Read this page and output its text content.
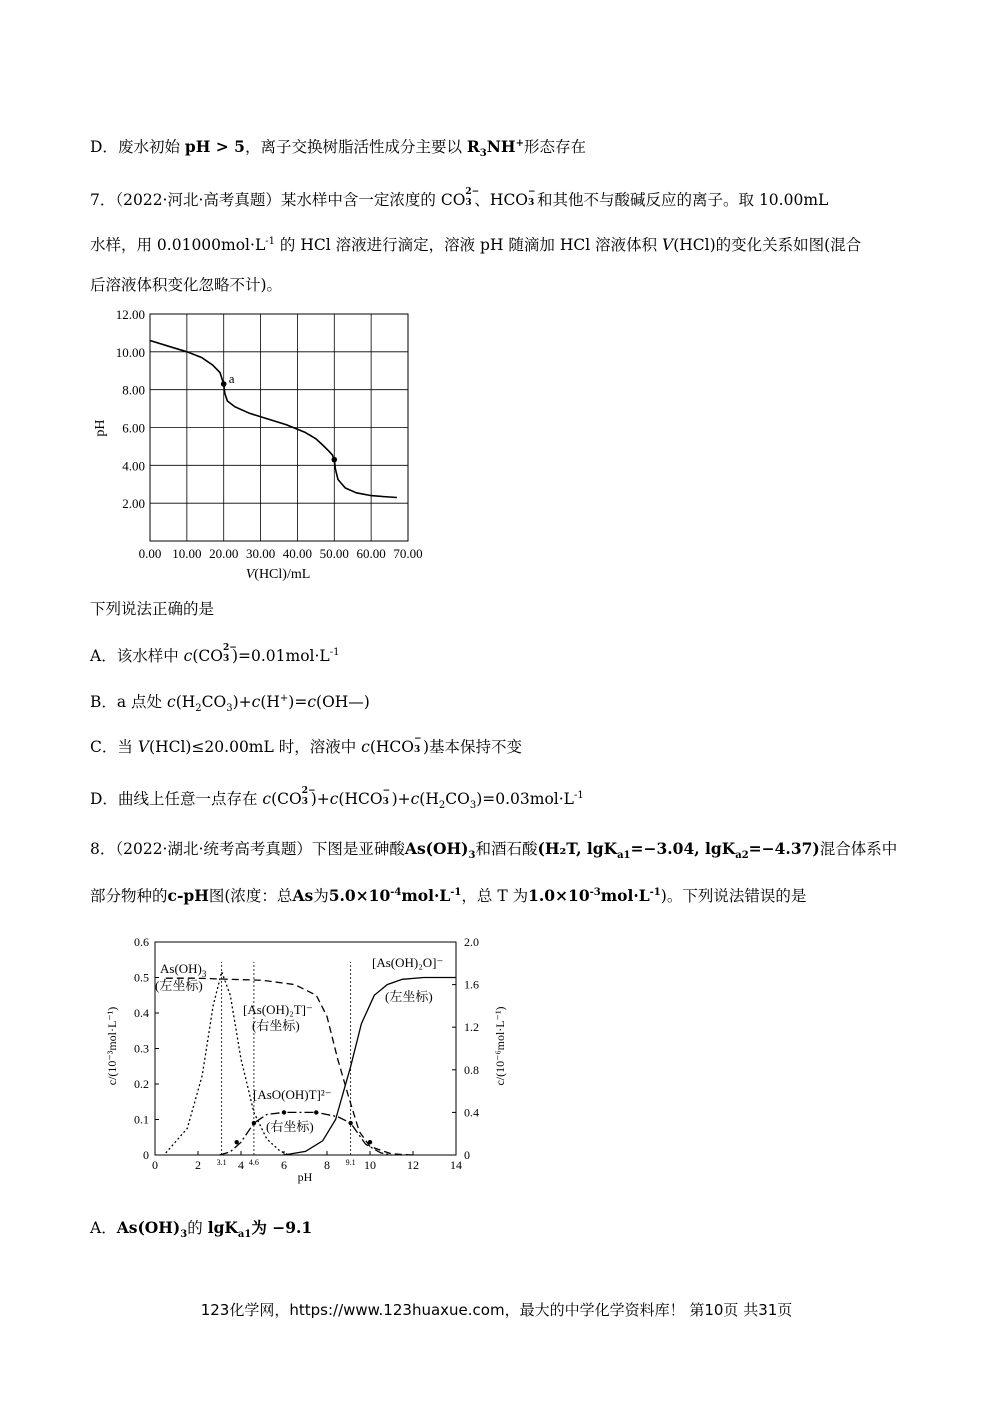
D．废水初始 pH > 5，离子交换树脂活性成分主要以 $R_3NH^+$形态存在
7．（2022·河北·高考真题）某水样中含一定浓度的 CO 2−
3 、HCO −
3 和其他不与酸碱反应的离子。取 10.00mL
水样，用 $0.01000mol\cdot L^{-1}$ 的 HCl 溶液进行滴定，溶液 pH 随滴加 HCl 溶液体积 V(HCl)的变化关系如图(混合
后溶液体积变化忽略不计)。
0.00 10.00 20.00 30.00 40.00 50.00 60.00 70.00
2.00
4.00
6.00
8.00
10.00
12.00
a
V(HCl)/mL
pH
下列说法正确的是
A．该水样中 c(CO 2−
3 )$=0.01mol\cdot L^{-1}$
B．a 点处 $c(H_2CO_3)+c(H^+)=c(OH—)$
C．当 V(HCl)≤20.00mL 时，溶液中 c(HCO −
3 )基本保持不变
D．曲线上任意一点存在 c(CO 2−
3 )+c(HCO −
3 )$+c(H_2CO_3)=0.03mol\cdot L^{-1}$
8．（2022·湖北·统考高考真题）下图是亚砷酸$As(OH)_3$和酒石酸(H₂T, lgK$_{a1}$=−3.04, lgK$_{a2}$=−4.37)混合体系中
部分物种的c-pH图(浓度：总As为$5.0\times 10^{-4}mol\cdot L^{-1}$，总 T 为$1.0\times 10^{-3}mol\cdot L^{-1}$)。下列说法错误的是
0	2	4	6	8	10	12	14
3.1	4.6	9.1
0
0.1
0.2
0.3
0.4
0.5
0.6
0
0.4
0.8
1.2
1.6
2.0
$As(OH)_3$
(左坐标)
[As(OH)₂T]⁻
(右坐标)
[AsO(OH)T]²⁻
(右坐标)
[As(OH)₂O]⁻
(左坐标)
pH
c/(10⁻³mol·L⁻¹)	c/(10⁻⁶mol·L⁻¹)
A．$As(OH)_3$的 lgK$_{a1}$为 −9.1
123化学网，https://www.123huaxue.com，最大的中学化学资料库！ 第10页 共31页
